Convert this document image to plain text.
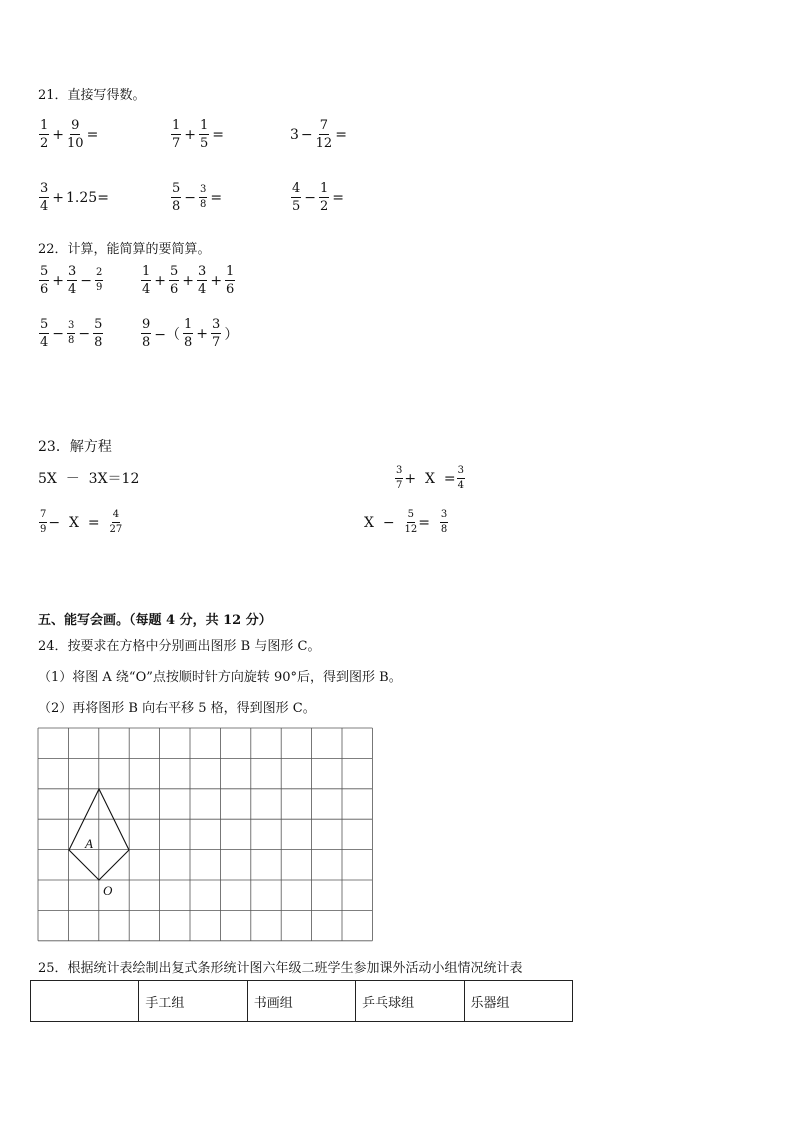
21．直接写得数。
$\frac{1}{2} + \frac{9}{10}$ =	$\frac{1}{7} + \frac{1}{5}$ =	$3 - \frac{7}{12}$ =
$\frac{3}{4} + 1.25=$	$\frac{5}{8} - \frac{3}{8}$ =	$\frac{4}{5} - \frac{1}{2}$ =
22．计算，能简算的要简算。
$\frac{5}{6} + \frac{3}{4} - \frac{2}{9}$	$\frac{1}{4} + \frac{5}{6} + \frac{3}{4} + \frac{1}{6}$
$\frac{5}{4} - \frac{3}{8} - \frac{5}{8}$	$\frac{9}{8}$ −（ $\frac{1}{8} + \frac{3}{7}$ ）
23．解方程
5X  －  3X＝12	$\frac{3}{7} + X = \frac{3}{4}$
$\frac{7}{9} - X = \frac{4}{27}$	$X - \frac{5}{12} = \frac{3}{8}$
五、能写会画。（每题 4 分，共 12 分）
24．按要求在方格中分别画出图形 B 与图形 C。
（1）将图 A 绕“O”点按顺时针方向旋转 90°后，得到图形 B。
（2）再将图形 B 向右平移 5 格，得到图形 C。
A
O
25．根据统计表绘制出复式条形统计图六年级二班学生参加课外活动小组情况统计表
	手工组	书画组	乒乓球组	乐器组
